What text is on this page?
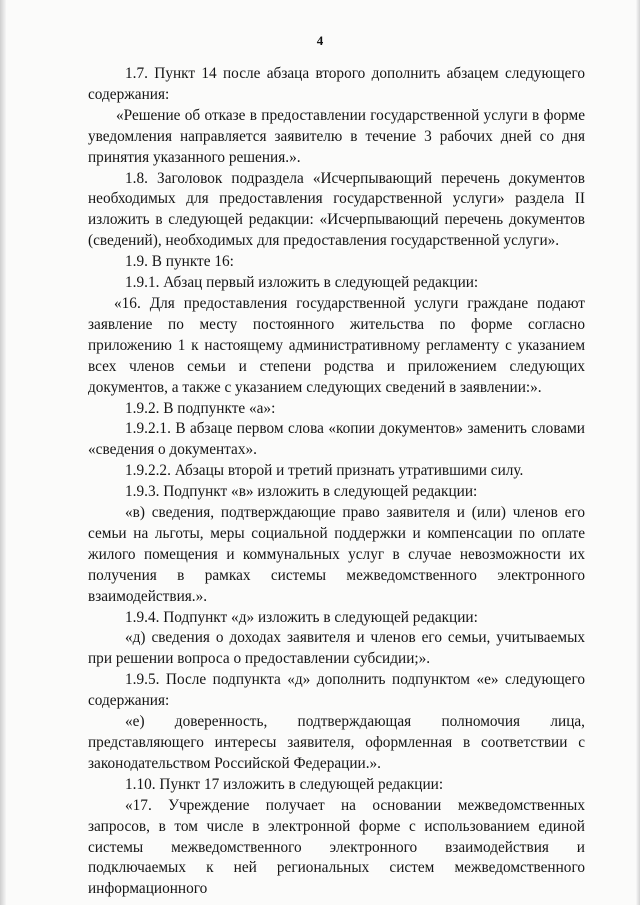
4

1.7. Пункт 14 после абзаца второго дополнить абзацем следующего содержания:

«Решение об отказе в предоставлении государственной услуги в форме уведомления направляется заявителю в течение 3 рабочих дней со дня принятия указанного решения.».

1.8. Заголовок подраздела «Исчерпывающий перечень документов необходимых для предоставления государственной услуги» раздела II изложить в следующей редакции: «Исчерпывающий перечень документов (сведений), необходимых для предоставления государственной услуги».

1.9. В пункте 16:

1.9.1. Абзац первый изложить в следующей редакции:

«16. Для предоставления государственной услуги граждане подают заявление по месту постоянного жительства по форме согласно приложению 1 к настоящему административному регламенту с указанием всех членов семьи и степени родства и приложением следующих документов, а также с указанием следующих сведений в заявлении:».

1.9.2. В подпункте «а»:

1.9.2.1. В абзаце первом слова «копии документов» заменить словами «сведения о документах».

1.9.2.2. Абзацы второй и третий признать утратившими силу.

1.9.3. Подпункт «в» изложить в следующей редакции:

«в) сведения, подтверждающие право заявителя и (или) членов его семьи на льготы, меры социальной поддержки и компенсации по оплате жилого помещения и коммунальных услуг в случае невозможности их получения в рамках системы межведомственного электронного взаимодействия.».

1.9.4. Подпункт «д» изложить в следующей редакции:

«д) сведения о доходах заявителя и членов его семьи, учитываемых при решении вопроса о предоставлении субсидии;».

1.9.5. После подпункта «д» дополнить подпунктом «е» следующего содержания:

«е) доверенность, подтверждающая полномочия лица, представляющего интересы заявителя, оформленная в соответствии с законодательством Российской Федерации.».

1.10. Пункт 17 изложить в следующей редакции:

«17. Учреждение получает на основании межведомственных запросов, в том числе в электронной форме с использованием единой системы межведомственного электронного взаимодействия и подключаемых к ней региональных систем межведомственного информационного
